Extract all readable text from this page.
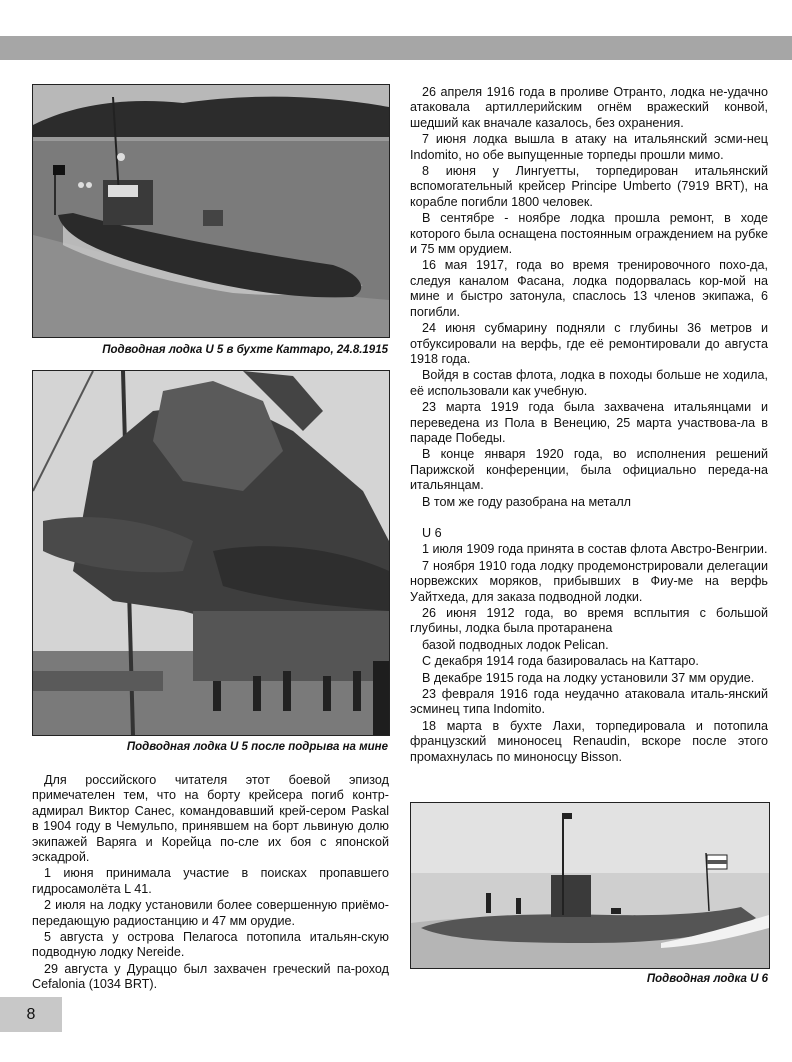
Подводная лодка U 5 в бухте Каттаро, 24.8.1915
Подводная лодка U 5 после подрыва на мине

Для российского читателя этот боевой эпизод примечателен тем, что на борту крейсера погиб контр-адмирал Виктор Санес, командовавший крей-сером Paskal в 1904 году в Чемульпо, принявшем на борт львиную долю экипажей Варяга и Корейца по-сле их боя с японской эскадрой.

1 июня принимала участие в поисках пропавшего гидросамолёта L 41.

2 июля на лодку установили более совершенную приёмо-передающую радиостанцию и 47 мм орудие.

5 августа у острова Пелагоса потопила итальян-скую подводную лодку Nereide.

29 августа у Дураццо был захвачен греческий па-роход Cefalonia (1034 BRT).

26 апреля 1916 года в проливе Отранто, лодка не-удачно атаковала артиллерийским огнём вражеский конвой, шедший как вначале казалось, без охранения.

7 июня лодка вышла в атаку на итальянский эсми-нец Indomito, но обе выпущенные торпеды прошли мимо.

8 июня у Лингуетты, торпедирован итальянский вспомогательный крейсер Principe Umberto (7919 BRT), на корабле погибли 1800 человек.

В сентябре - ноябре лодка прошла ремонт, в ходе которого была оснащена постоянным ограждением на рубке и 75 мм орудием.

16 мая 1917, года во время тренировочного похо-да, следуя каналом Фасана, лодка подорвалась кор-мой на мине и быстро затонула, спаслось 13 членов экипажа, 6 погибли.

24 июня субмарину подняли с глубины 36 метров и отбуксировали на верфь, где её ремонтировали до августа 1918 года.

Войдя в состав флота, лодка в походы больше не ходила, её использовали как учебную.

23 марта 1919 года была захвачена итальянцами и переведена из Пола в Венецию, 25 марта участвова-ла в параде Победы.

В конце января 1920 года, во исполнения решений Парижской конференции, была официально переда-на итальянцам.

В том же году разобрана на металл

U 6

1 июля 1909 года принята в состав флота Австро-Венгрии.

7 ноября 1910 года лодку продемонстрировали делегации норвежских моряков, прибывших в Фиу-ме на верфь Уайтхеда, для заказа подводной лодки.

26 июня 1912 года, во время всплытия с большой глубины, лодка была протаранена

базой подводных лодок Pelican.

С декабря 1914 года базировалась на Каттаро.

В декабре 1915 года на лодку установили 37 мм орудие.

23 февраля 1916 года неудачно атаковала италь-янский эсминец типа Indomito.

18 марта в бухте Лахи, торпедировала и потопила французский миноносец Renaudin, вскоре после этого промахнулась по миноносцу Bisson.

Подводная лодка U 6
8
